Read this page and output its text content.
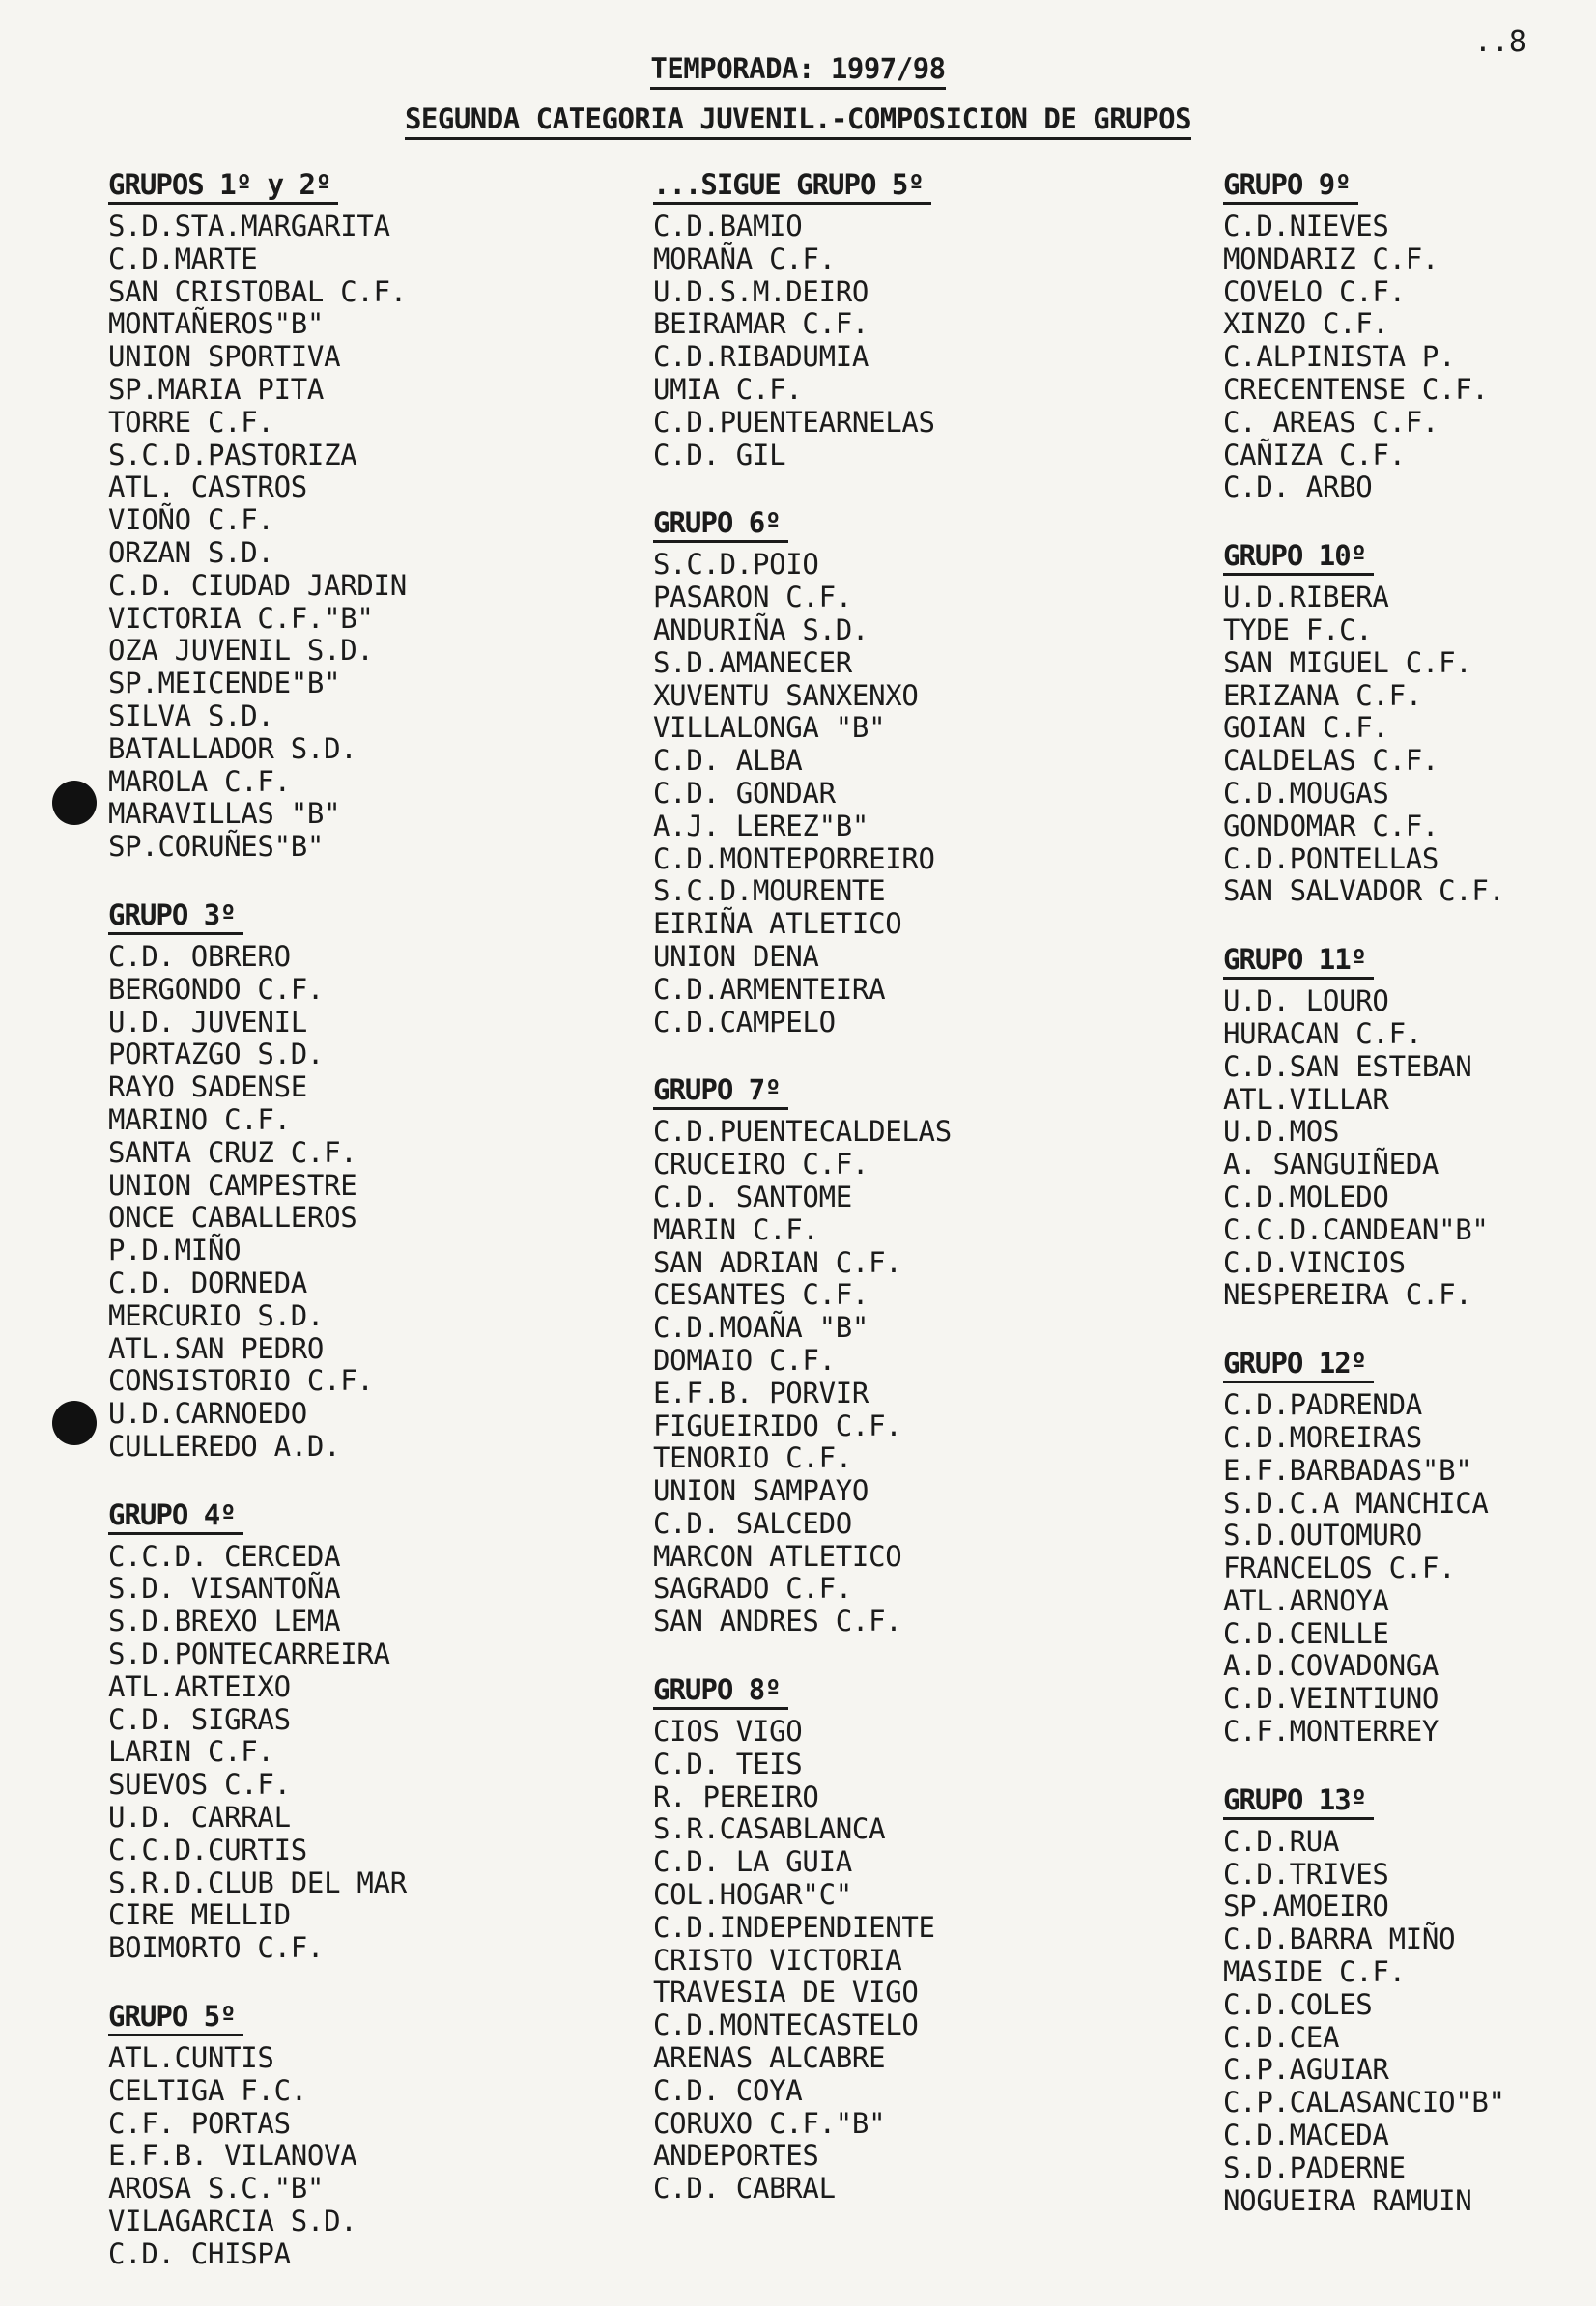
..8
TEMPORADA: 1997/98
SEGUNDA CATEGORIA JUVENIL.-COMPOSICION DE GRUPOS
GRUPOS 1º y 2º
S.D.STA.MARGARITA
C.D.MARTE
SAN CRISTOBAL C.F.
MONTAÑEROS"B"
UNION SPORTIVA
SP.MARIA PITA
TORRE C.F.
S.C.D.PASTORIZA
ATL. CASTROS
VIOÑO C.F.
ORZAN S.D.
C.D. CIUDAD JARDIN
VICTORIA C.F."B"
OZA JUVENIL S.D.
SP.MEICENDE"B"
SILVA S.D.
BATALLADOR S.D.
MAROLA C.F.
MARAVILLAS "B"
SP.CORUÑES"B"
GRUPO 3º
C.D. OBRERO
BERGONDO C.F.
U.D. JUVENIL
PORTAZGO S.D.
RAYO SADENSE
MARINO C.F.
SANTA CRUZ C.F.
UNION CAMPESTRE
ONCE CABALLEROS
P.D.MIÑO
C.D. DORNEDA
MERCURIO S.D.
ATL.SAN PEDRO
CONSISTORIO C.F.
U.D.CARNOEDO
CULLEREDO A.D.
GRUPO 4º
C.C.D. CERCEDA
S.D. VISANTOÑA
S.D.BREXO LEMA
S.D.PONTECARREIRA
ATL.ARTEIXO
C.D. SIGRAS
LARIN C.F.
SUEVOS C.F.
U.D. CARRAL
C.C.D.CURTIS
S.R.D.CLUB DEL MAR
CIRE MELLID
BOIMORTO C.F.
GRUPO 5º
ATL.CUNTIS
CELTIGA F.C.
C.F. PORTAS
E.F.B. VILANOVA
AROSA S.C."B"
VILAGARCIA S.D.
C.D. CHISPA
...SIGUE GRUPO 5º
C.D.BAMIO
MORAÑA C.F.
U.D.S.M.DEIRO
BEIRAMAR C.F.
C.D.RIBADUMIA
UMIA C.F.
C.D.PUENTEARNELAS
C.D. GIL
GRUPO 6º
S.C.D.POIO
PASARON C.F.
ANDURIÑA S.D.
S.D.AMANECER
XUVENTU SANXENXO
VILLALONGA "B"
C.D. ALBA
C.D. GONDAR
A.J. LEREZ"B"
C.D.MONTEPORREIRO
S.C.D.MOURENTE
EIRIÑA ATLETICO
UNION DENA
C.D.ARMENTEIRA
C.D.CAMPELO
GRUPO 7º
C.D.PUENTECALDELAS
CRUCEIRO C.F.
C.D. SANTOME
MARIN C.F.
SAN ADRIAN C.F.
CESANTES C.F.
C.D.MOAÑA "B"
DOMAIO C.F.
E.F.B. PORVIR
FIGUEIRIDO C.F.
TENORIO C.F.
UNION SAMPAYO
C.D. SALCEDO
MARCON ATLETICO
SAGRADO C.F.
SAN ANDRES C.F.
GRUPO 8º
CIOS VIGO
C.D. TEIS
R. PEREIRO
S.R.CASABLANCA
C.D. LA GUIA
COL.HOGAR"C"
C.D.INDEPENDIENTE
CRISTO VICTORIA
TRAVESIA DE VIGO
C.D.MONTECASTELO
ARENAS ALCABRE
C.D. COYA
CORUXO C.F."B"
ANDEPORTES
C.D. CABRAL
GRUPO 9º
C.D.NIEVES
MONDARIZ C.F.
COVELO C.F.
XINZO C.F.
C.ALPINISTA P.
CRECENTENSE C.F.
C. AREAS C.F.
CAÑIZA C.F.
C.D. ARBO
GRUPO 10º
U.D.RIBERA
TYDE F.C.
SAN MIGUEL C.F.
ERIZANA C.F.
GOIAN C.F.
CALDELAS C.F.
C.D.MOUGAS
GONDOMAR C.F.
C.D.PONTELLAS
SAN SALVADOR C.F.
GRUPO 11º
U.D. LOURO
HURACAN C.F.
C.D.SAN ESTEBAN
ATL.VILLAR
U.D.MOS
A. SANGUIÑEDA
C.D.MOLEDO
C.C.D.CANDEAN"B"
C.D.VINCIOS
NESPEREIRA C.F.
GRUPO 12º
C.D.PADRENDA
C.D.MOREIRAS
E.F.BARBADAS"B"
S.D.C.A MANCHICA
S.D.OUTOMURO
FRANCELOS C.F.
ATL.ARNOYA
C.D.CENLLE
A.D.COVADONGA
C.D.VEINTIUNO
C.F.MONTERREY
GRUPO 13º
C.D.RUA
C.D.TRIVES
SP.AMOEIRO
C.D.BARRA MIÑO
MASIDE C.F.
C.D.COLES
C.D.CEA
C.P.AGUIAR
C.P.CALASANCIO"B"
C.D.MACEDA
S.D.PADERNE
NOGUEIRA RAMUIN
